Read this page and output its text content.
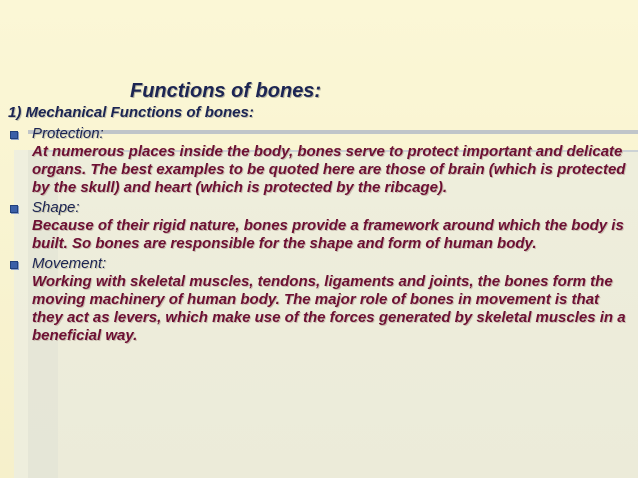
Functions of bones:
1) Mechanical Functions of bones:
Protection:
At numerous places inside the body, bones serve to protect important and delicate organs. The best examples to be quoted here are those of brain (which is protected by the skull) and heart (which is protected by the ribcage).
Shape:
Because of their rigid nature, bones provide a framework around which the body is built. So bones are responsible for the shape and form of human body.
Movement:
Working with skeletal muscles, tendons, ligaments and joints, the bones form the moving machinery of human body. The major role of bones in movement is that they act as levers, which make use of the forces generated by skeletal muscles in a beneficial way.
